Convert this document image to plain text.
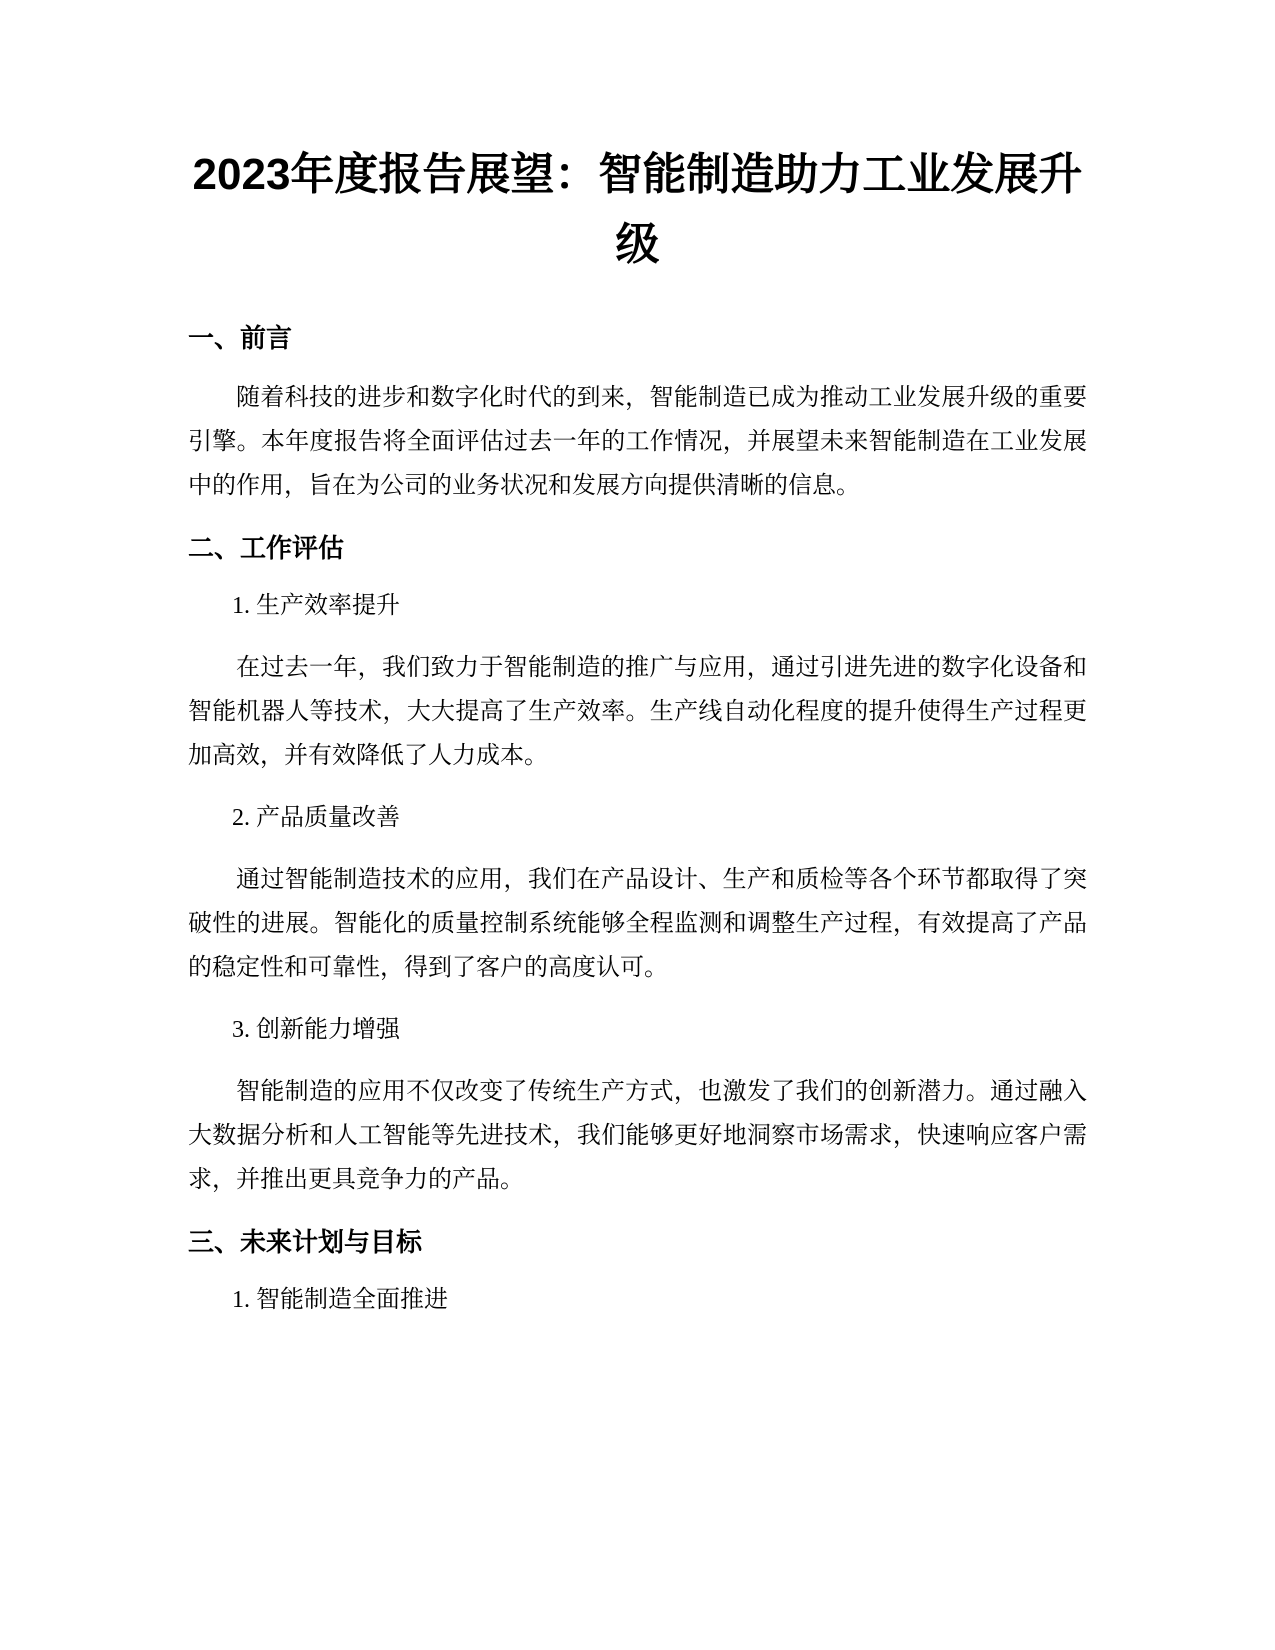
2023年度报告展望：智能制造助力工业发展升级
一、前言
随着科技的进步和数字化时代的到来，智能制造已成为推动工业发展升级的重要引擎。本年度报告将全面评估过去一年的工作情况，并展望未来智能制造在工业发展中的作用，旨在为公司的业务状况和发展方向提供清晰的信息。
二、工作评估
1. 生产效率提升
在过去一年，我们致力于智能制造的推广与应用，通过引进先进的数字化设备和智能机器人等技术，大大提高了生产效率。生产线自动化程度的提升使得生产过程更加高效，并有效降低了人力成本。
2. 产品质量改善
通过智能制造技术的应用，我们在产品设计、生产和质检等各个环节都取得了突破性的进展。智能化的质量控制系统能够全程监测和调整生产过程，有效提高了产品的稳定性和可靠性，得到了客户的高度认可。
3. 创新能力增强
智能制造的应用不仅改变了传统生产方式，也激发了我们的创新潜力。通过融入大数据分析和人工智能等先进技术，我们能够更好地洞察市场需求，快速响应客户需求，并推出更具竞争力的产品。
三、未来计划与目标
1. 智能制造全面推进
